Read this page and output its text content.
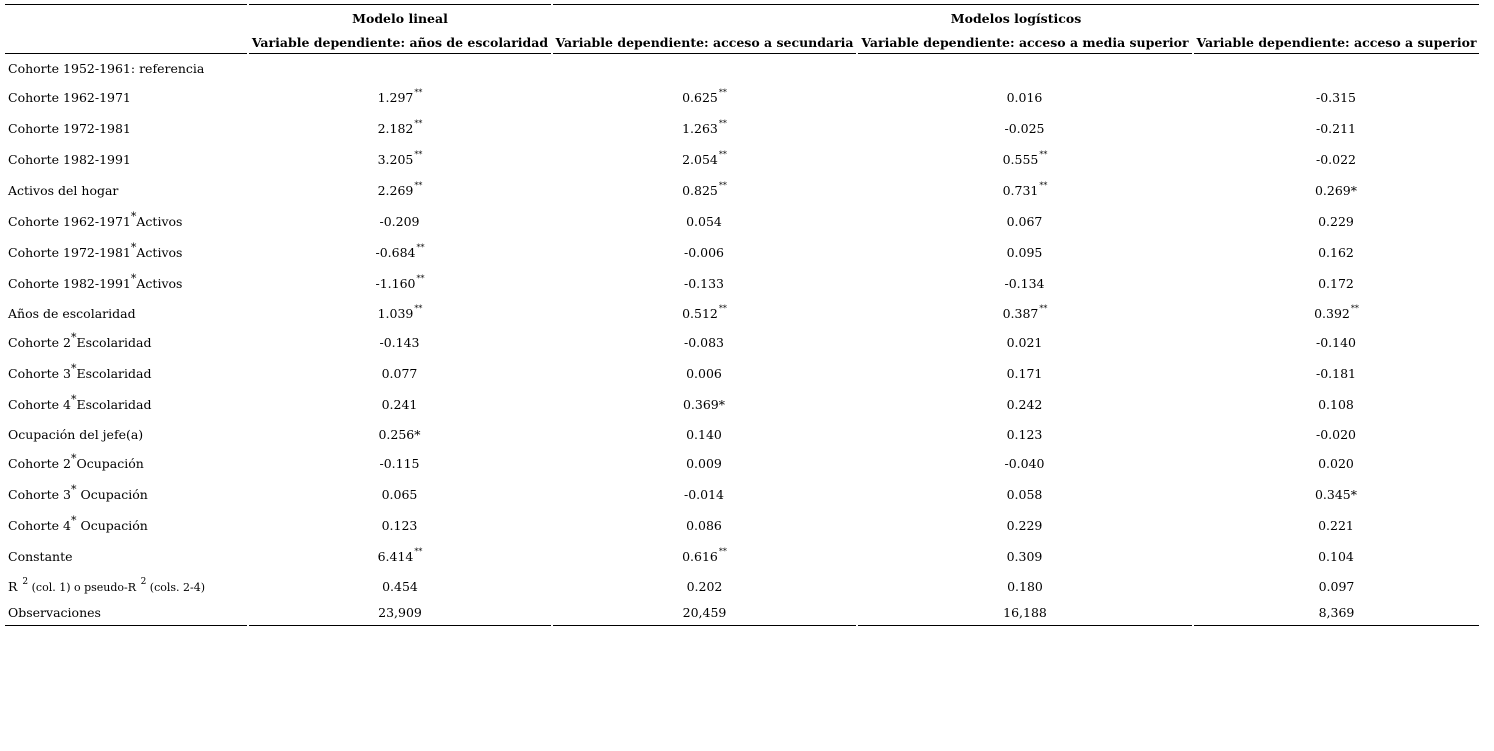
	Modelo lineal	Modelos logísticos		
	Variable dependiente: años de escolaridad	Variable dependiente: acceso a secundaria	Variable dependiente: acceso a media superior	Variable dependiente: acceso a superior
Cohorte 1952-1961: referencia				
Cohorte 1962-1971	1.297**	0.625**	0.016	-0.315
Cohorte 1972-1981	2.182**	1.263**	-0.025	-0.211
Cohorte 1982-1991	3.205**	2.054**	0.555**	-0.022
Activos del hogar	2.269**	0.825**	0.731**	0.269*
Cohorte 1962-1971*Activos	-0.209	0.054	0.067	0.229
Cohorte 1972-1981*Activos	-0.684**	-0.006	0.095	0.162
Cohorte 1982-1991*Activos	-1.160**	-0.133	-0.134	0.172
Años de escolaridad	1.039**	0.512**	0.387**	0.392**
Cohorte 2*Escolaridad	-0.143	-0.083	0.021	-0.140
Cohorte 3*Escolaridad	0.077	0.006	0.171	-0.181
Cohorte 4*Escolaridad	0.241	0.369*	0.242	0.108
Ocupación del jefe(a)	0.256*	0.140	0.123	-0.020
Cohorte 2*Ocupación	-0.115	0.009	-0.040	0.020
Cohorte 3* Ocupación	0.065	-0.014	0.058	0.345*
Cohorte 4* Ocupación	0.123	0.086	0.229	0.221
Constante	6.414**	0.616**	0.309	0.104
R $^2$ (col. 1) o pseudo-R $^2$ (cols. 2-4)	0.454	0.202	0.180	0.097
Observaciones	23,909	20,459	16,188	8,369
